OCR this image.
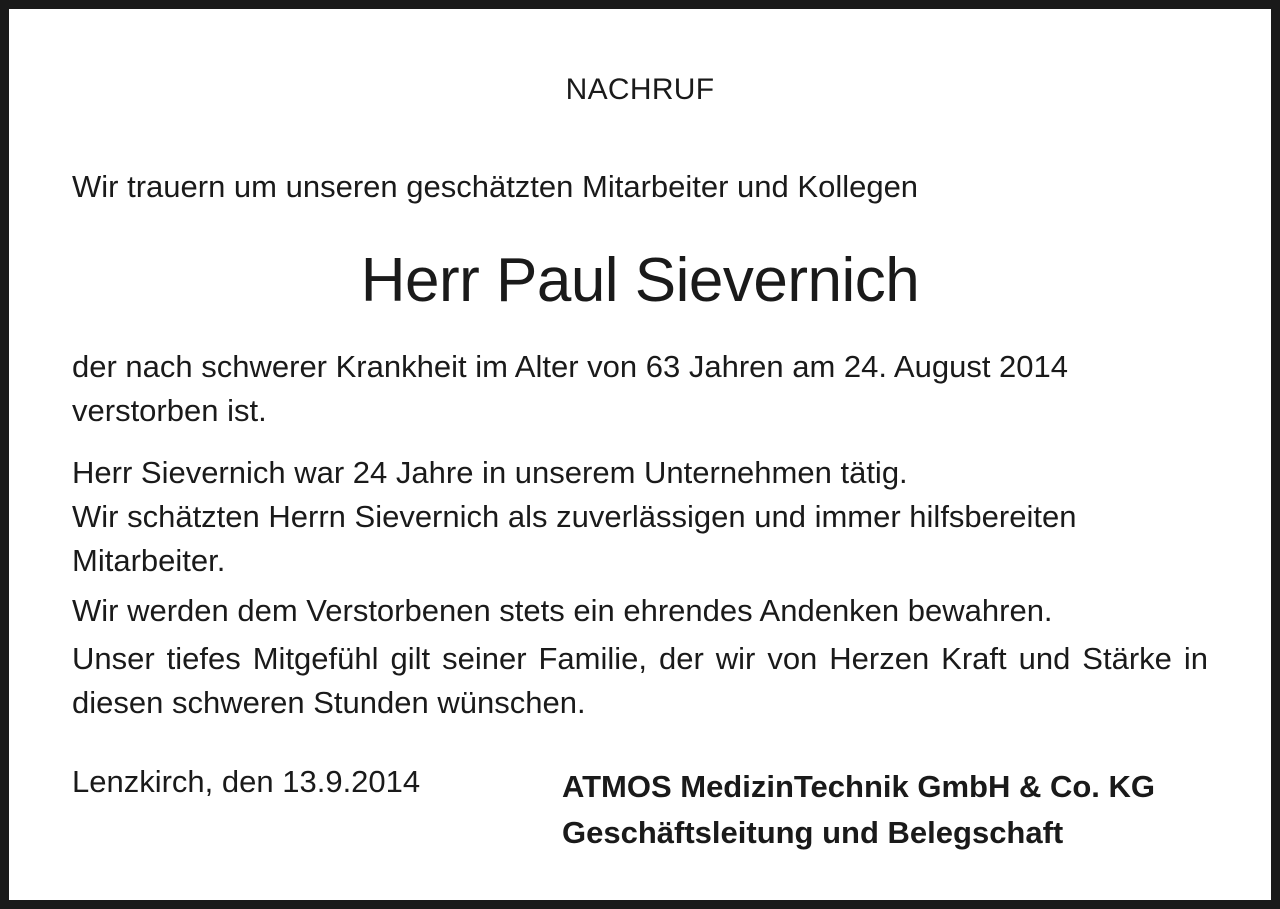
NACHRUF
Wir trauern um unseren geschätzten Mitarbeiter und Kollegen
Herr Paul Sievernich
der nach schwerer Krankheit im Alter von 63 Jahren am 24. August 2014 verstorben ist.
Herr Sievernich war 24 Jahre in unserem Unternehmen tätig.
Wir schätzten Herrn Sievernich als zuverlässigen und immer hilfsbereiten Mitarbeiter.
Wir werden dem Verstorbenen stets ein ehrendes Andenken bewahren.
Unser tiefes Mitgefühl gilt seiner Familie, der wir von Herzen Kraft und Stärke in diesen schweren Stunden wünschen.
Lenzkirch, den 13.9.2014	ATMOS MedizinTechnik GmbH & Co. KG
Geschäftsleitung und Belegschaft
